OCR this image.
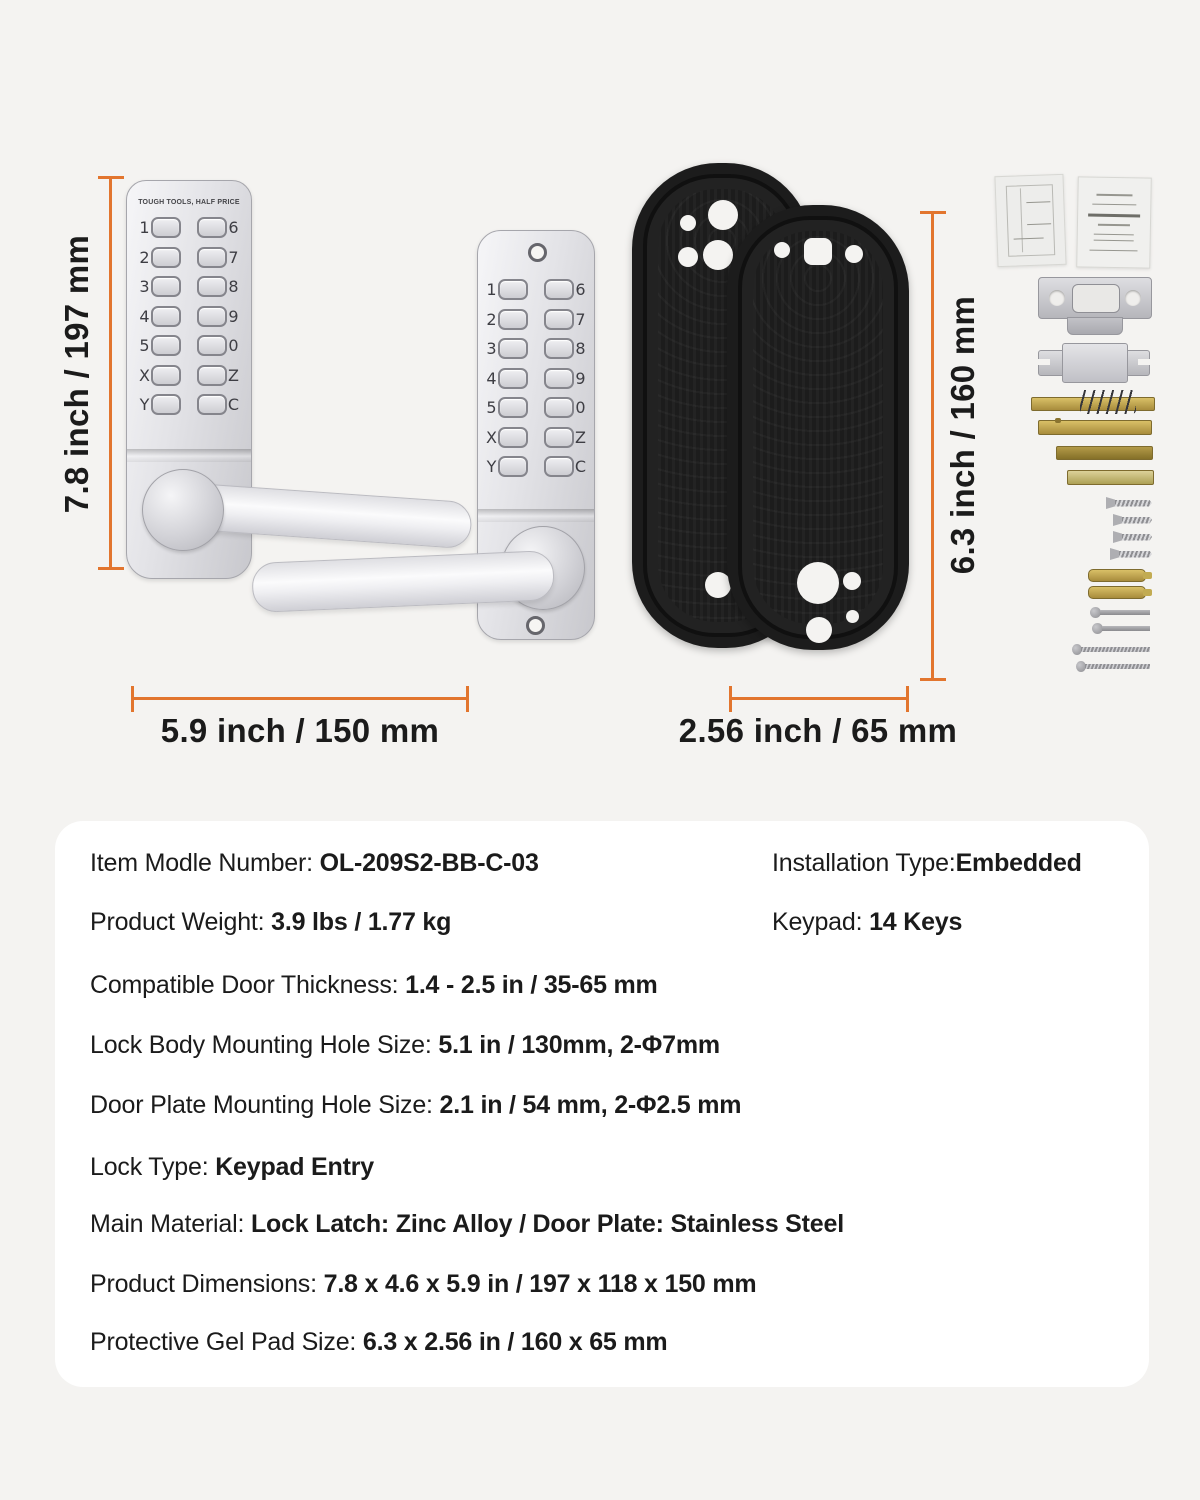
7.8 inch / 197 mm
5.9 inch / 150 mm
6.3 inch / 160 mm
2.56 inch / 65 mm
TOUGH TOOLS, HALF PRICE
1	6
2	7
3	8
4	9
5	0
X	Z
Y	C
1	6
2	7
3	8
4	9
5	0
X	Z
Y	C
Item Modle Number: OL-209S2-BB-C-03	Installation Type:Embedded
Product Weight: 3.9 lbs / 1.77 kg	Keypad: 14 Keys
Compatible Door Thickness: 1.4 - 2.5 in / 35-65 mm
Lock Body Mounting Hole Size: 5.1 in / 130mm, 2-Φ7mm
Door Plate Mounting Hole Size: 2.1 in / 54 mm, 2-Φ2.5 mm
Lock Type: Keypad Entry
Main Material: Lock Latch: Zinc Alloy / Door Plate: Stainless Steel
Product Dimensions: 7.8 x 4.6 x 5.9 in / 197 x 118 x 150 mm
Protective Gel Pad Size: 6.3 x 2.56 in / 160 x 65 mm
